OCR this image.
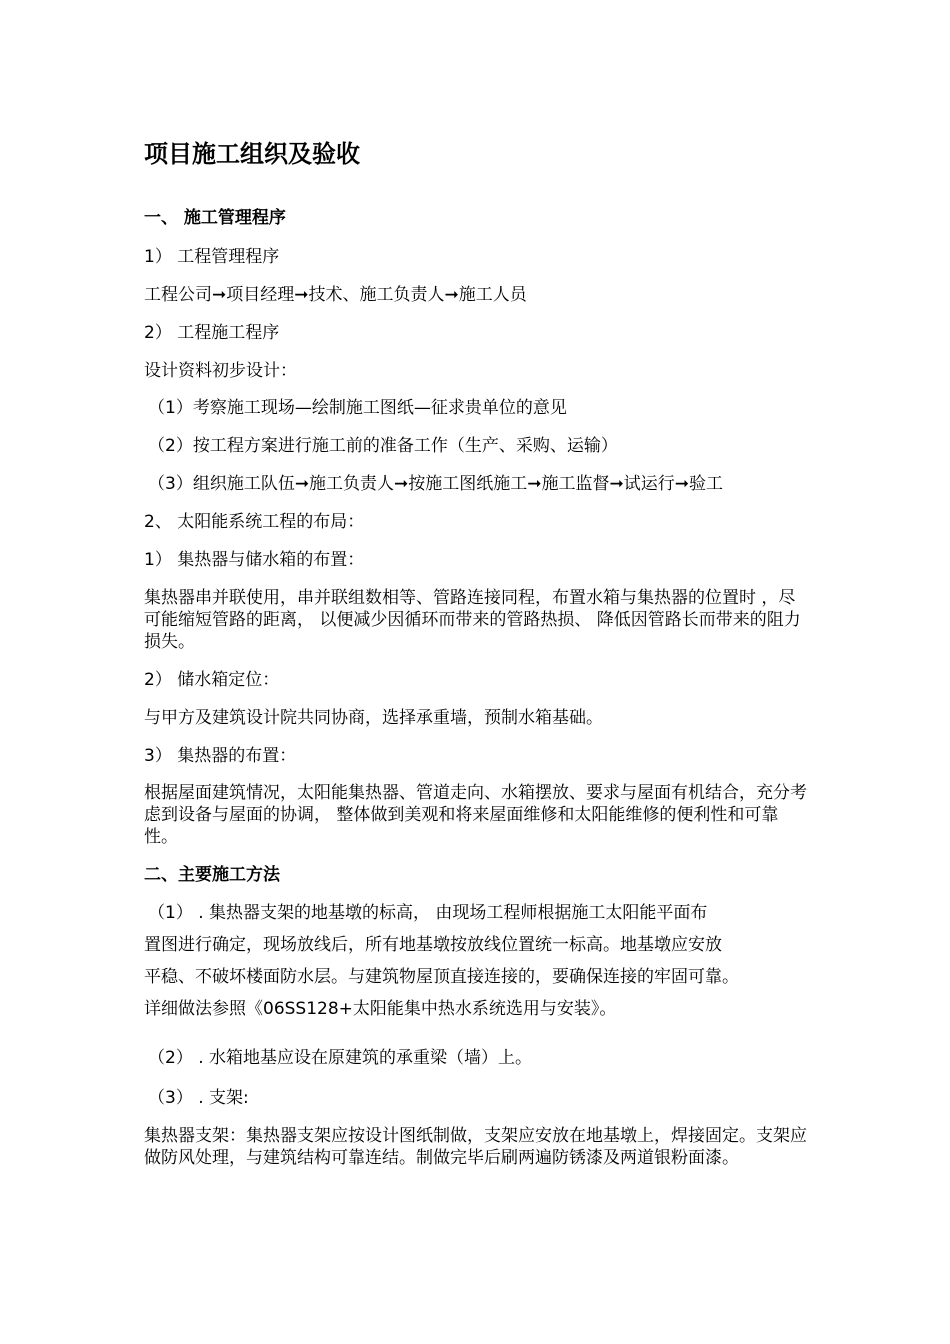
项目施工组织及验收
一、 施工管理程序
1） 工程管理程序
工程公司➞项目经理➞技术、施工负责人➞施工人员
2） 工程施工程序
设计资料初步设计：
（1）考察施工现场—绘制施工图纸—征求贵单位的意见
（2）按工程方案进行施工前的准备工作（生产、采购、运输）
（3）组织施工队伍➞施工负责人➞按施工图纸施工➞施工监督➞试运行➞验工
2、 太阳能系统工程的布局：
1） 集热器与储水箱的布置：
集热器串并联使用，串并联组数相等、管路连接同程，布置水箱与集热器的位置时 ，尽可能缩短管路的距离， 以便减少因循环而带来的管路热损、 降低因管路长而带来的阻力损失。
2） 储水箱定位：
与甲方及建筑设计院共同协商，选择承重墙，预制水箱基础。
3） 集热器的布置：
根据屋面建筑情况，太阳能集热器、管道走向、水箱摆放、要求与屋面有机结合，充分考虑到设备与屋面的协调， 整体做到美观和将来屋面维修和太阳能维修的便利性和可靠性。
二、主要施工方法
（1） . 集热器支架的地基墩的标高， 由现场工程师根据施工太阳能平面布
置图进行确定，现场放线后，所有地基墩按放线位置统一标高。地基墩应安放
平稳、不破坏楼面防水层。与建筑物屋顶直接连接的，要确保连接的牢固可靠。
详细做法参照《06SS128+太阳能集中热水系统选用与安装》。
（2） . 水箱地基应设在原建筑的承重梁（墙）上。
（3） . 支架:
集热器支架：集热器支架应按设计图纸制做，支架应安放在地基墩上，焊接固定。支架应做防风处理，与建筑结构可靠连结。制做完毕后刷两遍防锈漆及两道银粉面漆。
